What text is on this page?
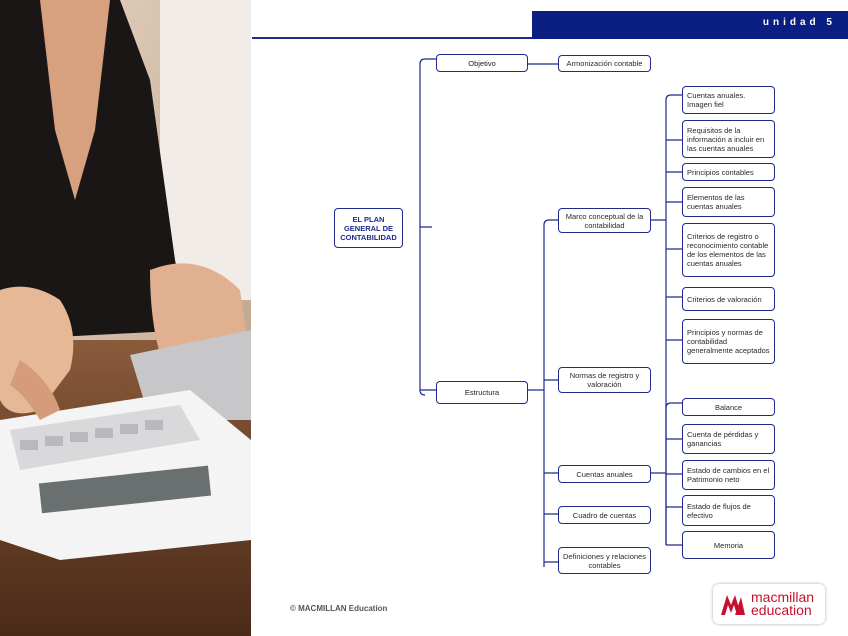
unidad 5
EL PLAN GENERAL DE CONTABILIDAD
Objetivo	Armonización contable
Estructura
Marco conceptual de la contabilidad
Normas de registro y valoración
Cuentas anuales
Cuadro de cuentas
Definiciones y relaciones contables
Cuentas anuales. Imagen fiel
Requisitos de la información a incluir en las cuentas anuales
Principios contables
Elementos de las cuentas anuales
Criterios de registro o reconocimiento contable de los elementos de las cuentas anuales
Criterios de valoración
Principios y normas de contabilidad generalmente aceptados
Balance
Cuenta de pérdidas y ganancias
Estado de cambios en el Patrimonio neto
Estado de flujos de efectivo
Memoria
© MACMILLAN Education
macmillan
education
